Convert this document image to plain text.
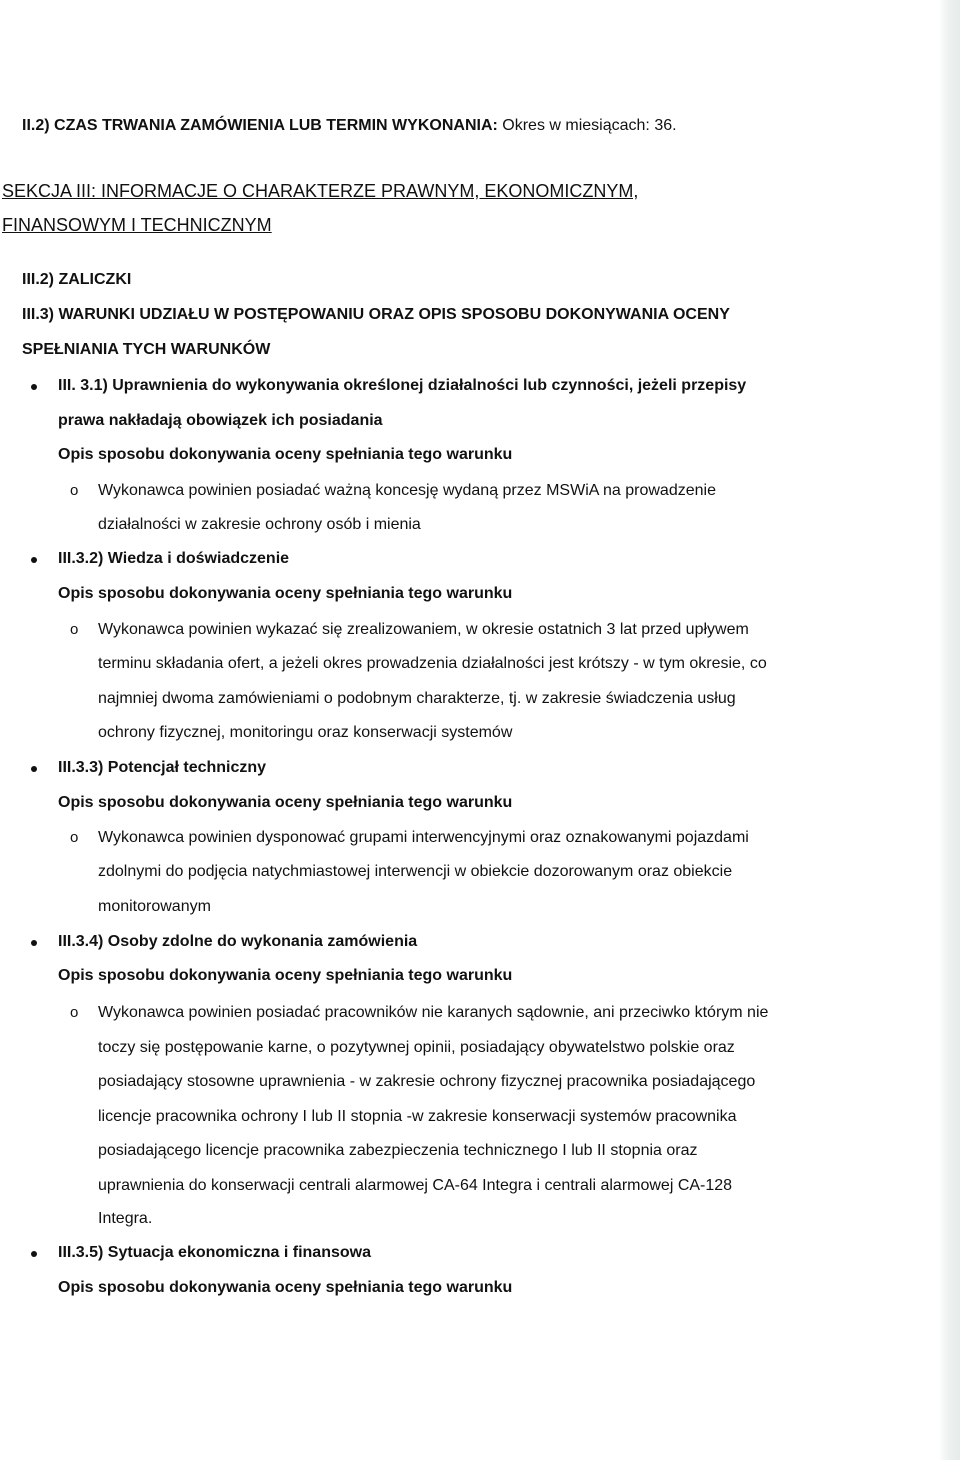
II.2) CZAS TRWANIA ZAMÓWIENIA LUB TERMIN WYKONANIA: Okres w miesiącach: 36.
SEKCJA III: INFORMACJE O CHARAKTERZE PRAWNYM, EKONOMICZNYM,
FINANSOWYM I TECHNICZNYM
III.2) ZALICZKI
III.3) WARUNKI UDZIAŁU W POSTĘPOWANIU ORAZ OPIS SPOSOBU DOKONYWANIA OCENY
SPEŁNIANIA TYCH WARUNKÓW
III. 3.1) Uprawnienia do wykonywania określonej działalności lub czynności, jeżeli przepisy
prawa nakładają obowiązek ich posiadania
Opis sposobu dokonywania oceny spełniania tego warunku
o Wykonawca powinien posiadać ważną koncesję wydaną przez MSWiA na prowadzenie
działalności w zakresie ochrony osób i mienia
III.3.2) Wiedza i doświadczenie
Opis sposobu dokonywania oceny spełniania tego warunku
o Wykonawca powinien wykazać się zrealizowaniem, w okresie ostatnich 3 lat przed upływem
terminu składania ofert, a jeżeli okres prowadzenia działalności jest krótszy - w tym okresie, co
najmniej dwoma zamówieniami o podobnym charakterze, tj. w zakresie świadczenia usług
ochrony fizycznej, monitoringu oraz konserwacji systemów
III.3.3) Potencjał techniczny
Opis sposobu dokonywania oceny spełniania tego warunku
o Wykonawca powinien dysponować grupami interwencyjnymi oraz oznakowanymi pojazdami
zdolnymi do podjęcia natychmiastowej interwencji w obiekcie dozorowanym oraz obiekcie
monitorowanym
III.3.4) Osoby zdolne do wykonania zamówienia
Opis sposobu dokonywania oceny spełniania tego warunku
o Wykonawca powinien posiadać pracowników nie karanych sądownie, ani przeciwko którym nie
toczy się postępowanie karne, o pozytywnej opinii, posiadający obywatelstwo polskie oraz
posiadający stosowne uprawnienia - w zakresie ochrony fizycznej pracownika posiadającego
licencje pracownika ochrony I lub II stopnia -w zakresie konserwacji systemów pracownika
posiadającego licencje pracownika zabezpieczenia technicznego I lub II stopnia oraz
uprawnienia do konserwacji centrali alarmowej CA-64 Integra i centrali alarmowej CA-128
Integra.
III.3.5) Sytuacja ekonomiczna i finansowa
Opis sposobu dokonywania oceny spełniania tego warunku
